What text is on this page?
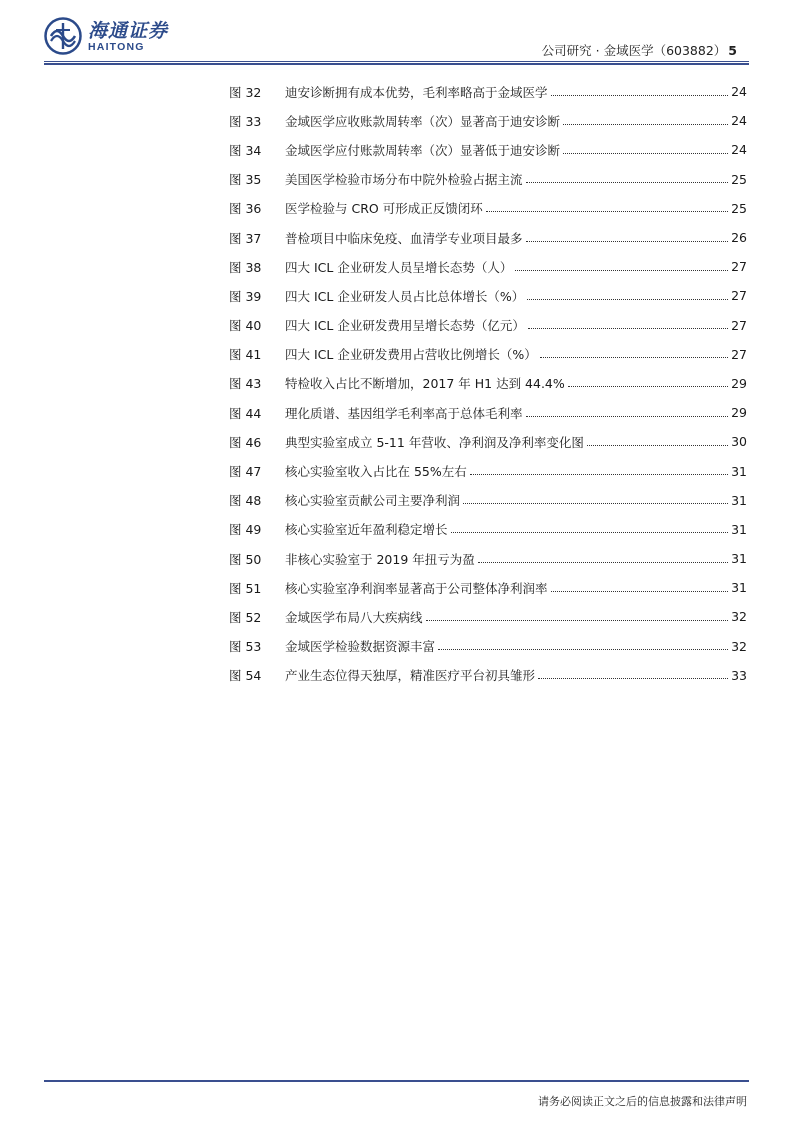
海通证券
HAITONG	公司研究 · 金域医学（603882） 5
图 32	迪安诊断拥有成本优势，毛利率略高于金域医学	24
图 33	金域医学应收账款周转率（次）显著高于迪安诊断	24
图 34	金域医学应付账款周转率（次）显著低于迪安诊断	24
图 35	美国医学检验市场分布中院外检验占据主流	25
图 36	医学检验与 CRO 可形成正反馈闭环	25
图 37	普检项目中临床免疫、血清学专业项目最多	26
图 38	四大 ICL 企业研发人员呈增长态势（人）	27
图 39	四大 ICL 企业研发人员占比总体增长（%）	27
图 40	四大 ICL 企业研发费用呈增长态势（亿元）	27
图 41	四大 ICL 企业研发费用占营收比例增长（%）	27
图 43	特检收入占比不断增加，2017 年 H1 达到 44.4%	29
图 44	理化质谱、基因组学毛利率高于总体毛利率	29
图 46	典型实验室成立 5-11 年营收、净利润及净利率变化图	30
图 47	核心实验室收入占比在 55%左右	31
图 48	核心实验室贡献公司主要净利润	31
图 49	核心实验室近年盈利稳定增长	31
图 50	非核心实验室于 2019 年扭亏为盈	31
图 51	核心实验室净利润率显著高于公司整体净利润率	31
图 52	金域医学布局八大疾病线	32
图 53	金域医学检验数据资源丰富	32
图 54	产业生态位得天独厚，精准医疗平台初具雏形	33
请务必阅读正文之后的信息披露和法律声明
